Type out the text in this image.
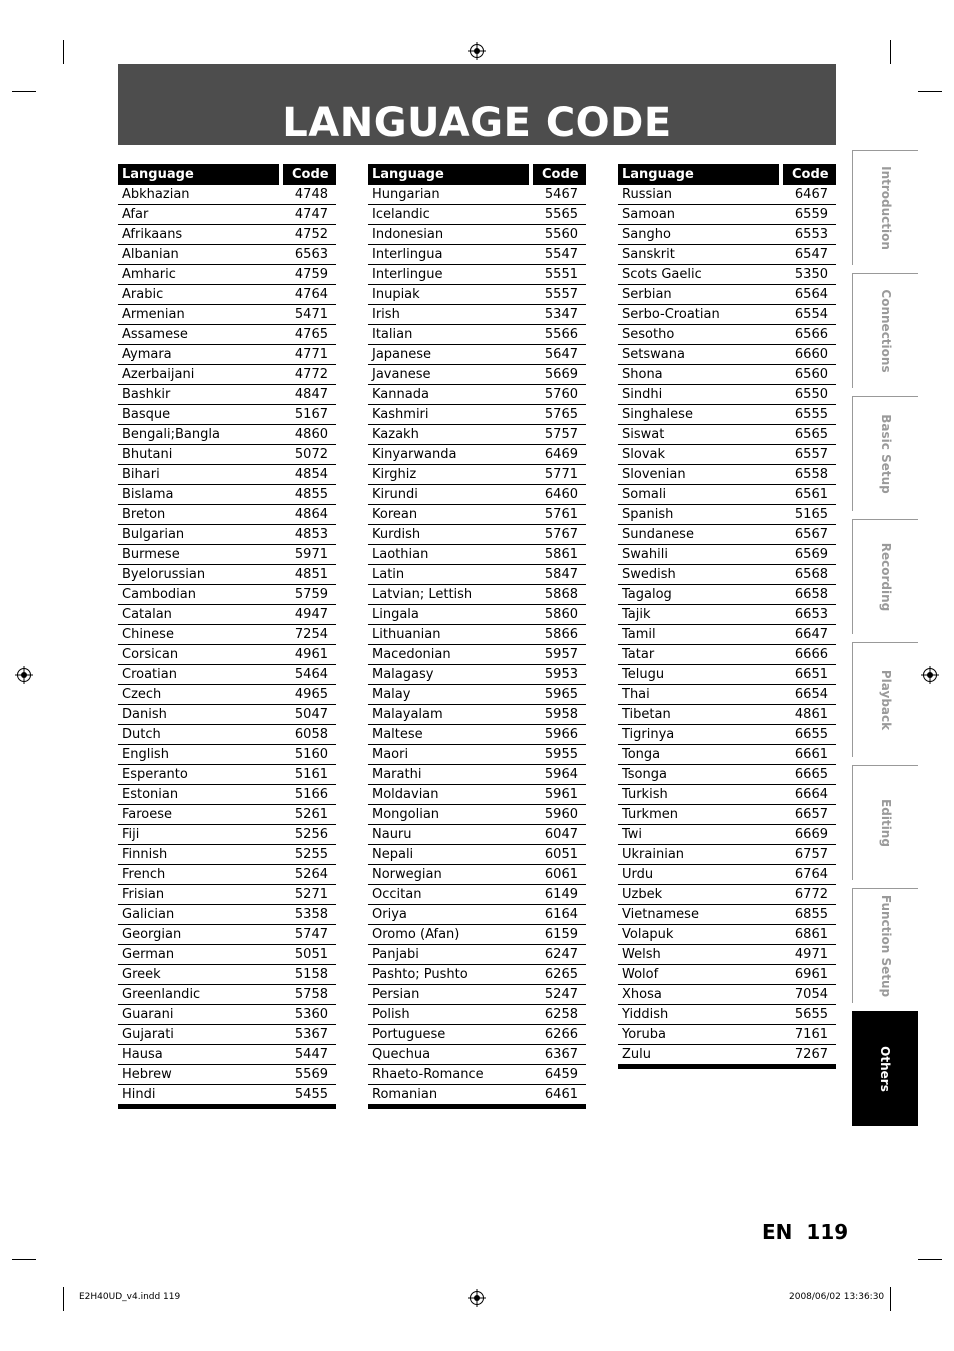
LANGUAGE CODE
Language	Code
Abkhazian	4748
Afar	4747
Afrikaans	4752
Albanian	6563
Amharic	4759
Arabic	4764
Armenian	5471
Assamese	4765
Aymara	4771
Azerbaijani	4772
Bashkir	4847
Basque	5167
Bengali;Bangla	4860
Bhutani	5072
Bihari	4854
Bislama	4855
Breton	4864
Bulgarian	4853
Burmese	5971
Byelorussian	4851
Cambodian	5759
Catalan	4947
Chinese	7254
Corsican	4961
Croatian	5464
Czech	4965
Danish	5047
Dutch	6058
English	5160
Esperanto	5161
Estonian	5166
Faroese	5261
Fiji	5256
Finnish	5255
French	5264
Frisian	5271
Galician	5358
Georgian	5747
German	5051
Greek	5158
Greenlandic	5758
Guarani	5360
Gujarati	5367
Hausa	5447
Hebrew	5569
Hindi	5455
Language	Code
Hungarian	5467
Icelandic	5565
Indonesian	5560
Interlingua	5547
Interlingue	5551
Inupiak	5557
Irish	5347
Italian	5566
Japanese	5647
Javanese	5669
Kannada	5760
Kashmiri	5765
Kazakh	5757
Kinyarwanda	6469
Kirghiz	5771
Kirundi	6460
Korean	5761
Kurdish	5767
Laothian	5861
Latin	5847
Latvian; Lettish	5868
Lingala	5860
Lithuanian	5866
Macedonian	5957
Malagasy	5953
Malay	5965
Malayalam	5958
Maltese	5966
Maori	5955
Marathi	5964
Moldavian	5961
Mongolian	5960
Nauru	6047
Nepali	6051
Norwegian	6061
Occitan	6149
Oriya	6164
Oromo (Afan)	6159
Panjabi	6247
Pashto; Pushto	6265
Persian	5247
Polish	6258
Portuguese	6266
Quechua	6367
Rhaeto-Romance	6459
Romanian	6461
Language	Code
Russian	6467
Samoan	6559
Sangho	6553
Sanskrit	6547
Scots Gaelic	5350
Serbian	6564
Serbo-Croatian	6554
Sesotho	6566
Setswana	6660
Shona	6560
Sindhi	6550
Singhalese	6555
Siswat	6565
Slovak	6557
Slovenian	6558
Somali	6561
Spanish	5165
Sundanese	6567
Swahili	6569
Swedish	6568
Tagalog	6658
Tajik	6653
Tamil	6647
Tatar	6666
Telugu	6651
Thai	6654
Tibetan	4861
Tigrinya	6655
Tonga	6661
Tsonga	6665
Turkish	6664
Turkmen	6657
Twi	6669
Ukrainian	6757
Urdu	6764
Uzbek	6772
Vietnamese	6855
Volapuk	6861
Welsh	4971
Wolof	6961
Xhosa	7054
Yiddish	5655
Yoruba	7161
Zulu	7267
Introduction
Connections
Basic Setup
Recording
Playback
Editing
Function Setup
Others
EN 119
E2H40UD_v4.indd 119	2008/06/02 13:36:30
